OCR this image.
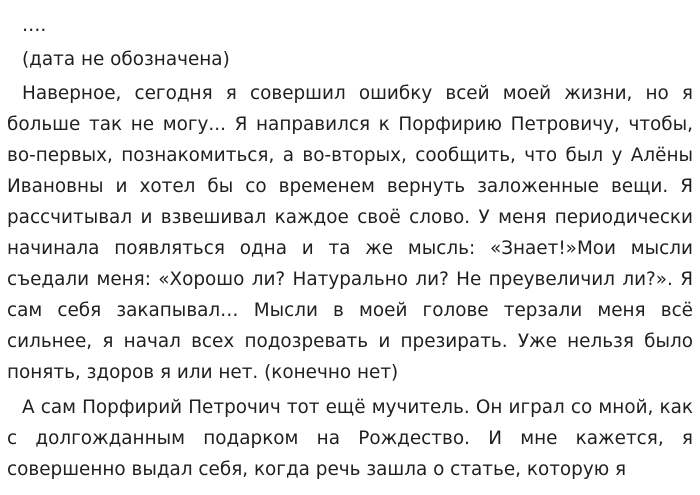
….
(дата не обозначена)

Наверное, сегодня я совершил ошибку всей моей жизни, но я больше так не могу... Я направился к Порфирию Петровичу, чтобы, во-первых, познакомиться, а во-вторых, сообщить, что был у Алёны Ивановны и хотел бы со временем вернуть заложенные вещи. Я рассчитывал и взвешивал каждое своё слово. У меня периодически начинала появляться одна и та же мысль: «Знает!»Мои мысли съедали меня: «Хорошо ли? Натурально ли? Не преувеличил ли?». Я сам себя закапывал… Мысли в моей голове терзали меня всё сильнее, я начал всех подозревать и презирать. Уже нельзя было понять, здоров я или нет. (конечно нет)

А сам Порфирий Петрочич тот ещё мучитель. Он играл со мной, как с долгожданным подарком на Рождество. И мне кажется, я совершенно выдал себя, когда речь зашла о статье, которую я
